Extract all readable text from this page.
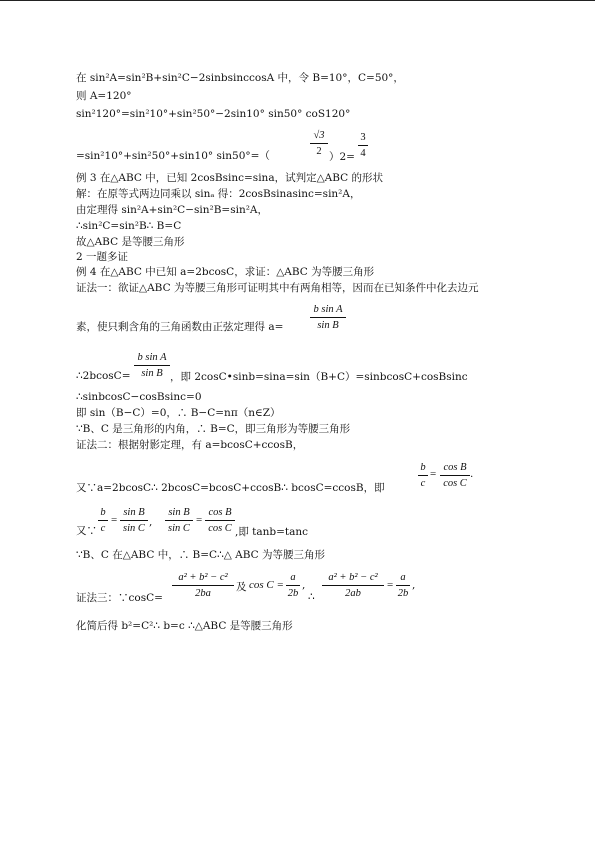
在 sin²A=sin²B+sin²C−2sinbsinccosA 中，令 B=10°，C=50°，
则 A=120°
sin²120°=sin²10°+sin²50°−2sin10° sin50° coS120°
=sin²10°+sin²50°+sin10° sin50°=（
√3
2 ）2=
3
4
例 3 在△ABC 中，已知 2cosBsinc=sina，试判定△ABC 的形状
解：在原等式两边同乘以 sinₐ 得：2cosBsinasinc=sin²A，
由定理得 sin²A+sin²C−sin²B=sin²A，
∴sin²C=sin²B∴ B=C
故△ABC 是等腰三角形
2 一题多证
例 4 在△ABC 中已知 a=2bcosC，求证：△ABC 为等腰三角形
证法一：欲证△ABC 为等腰三角形可证明其中有两角相等，因而在已知条件中化去边元
素，使只剩含角的三角函数由正弦定理得 a=
b sin A
sin B
∴2bcosC=
b sin A
sin B ，即 2cosC•sinb=sina=sin（B+C）=sinbcosC+cosBsinc
∴sinbcosC−cosBsinc=0
即 sin（B−C）=0，∴ B−C=nπ（n∈Z）
∵B、C 是三角形的内角，∴ B=C，即三角形为等腰三角形
证法二：根据射影定理，有 a=bcosC+ccosB，
又∵a=2bcosC∴ 2bcosC=bcosC+ccosB∴ bcosC=ccosB，即
b
c
=
cos B
cos C
.
又∵
b
c
=
sin B
sin C
,
sin B
sin C
=
cos B
cos C ,即 tanb=tanc
∵B、C 在△ABC 中，∴ B=C∴△ ABC 为等腰三角形
证法三：∵cosC=
a² + b² − c²
2ba
及 cos C =
a
2b
,
∴
a² + b² − c²
2ab
=
a
2b
,
化简后得 b²=C²∴ b=c ∴△ABC 是等腰三角形
